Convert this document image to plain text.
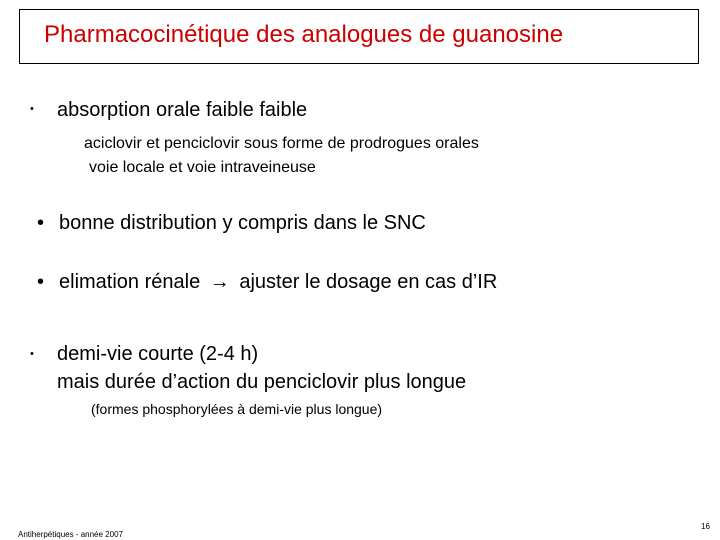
Pharmacocinétique des analogues de guanosine
• absorption orale faible faible
aciclovir et penciclovir sous forme de prodrogues orales
voie locale et voie intraveineuse
• bonne distribution y compris dans le SNC
• elimation rénale → ajuster le dosage en cas d’IR
• demi-vie courte (2-4 h)
mais durée d’action du penciclovir plus longue
(formes phosphorylées à demi-vie plus longue)
Antiherpétiques - année 2007
16
